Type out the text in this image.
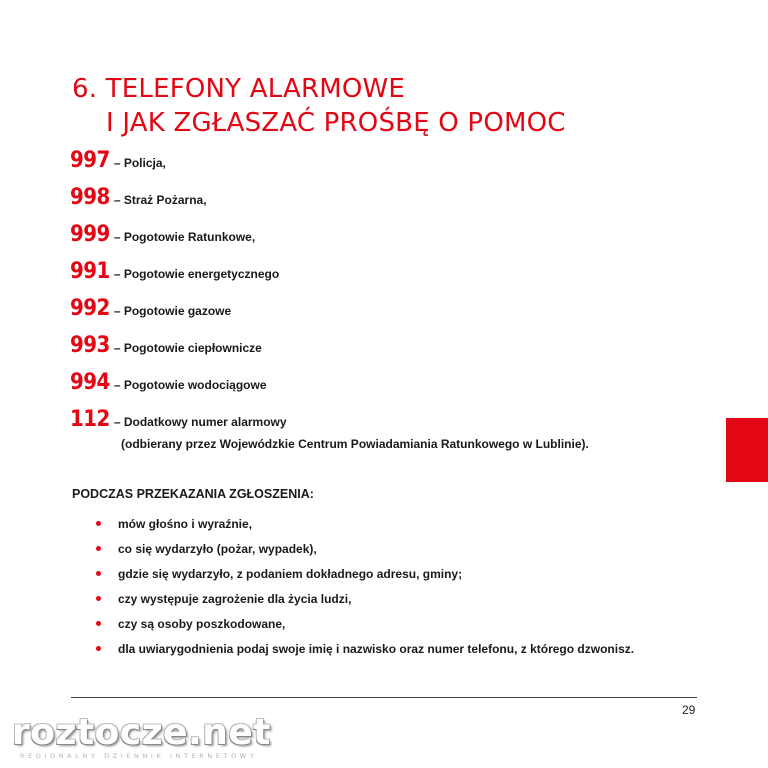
6. TELEFONY ALARMOWE
I JAK ZGŁASZAĆ PROŚBĘ O POMOC
997 – Policja,
998 – Straż Pożarna,
999 – Pogotowie Ratunkowe,
991 – Pogotowie energetycznego
992 – Pogotowie gazowe
993 – Pogotowie ciepłownicze
994 – Pogotowie wodociągowe
112 – Dodatkowy numer alarmowy
(odbierany przez Wojewódzkie Centrum Powiadamiania Ratunkowego w Lublinie).
PODCZAS PRZEKAZANIA ZGŁOSZENIA:
mów głośno i wyraźnie,
co się wydarzyło (pożar, wypadek),
gdzie się wydarzyło, z podaniem dokładnego adresu, gminy;
czy występuje zagrożenie dla życia ludzi,
czy są osoby poszkodowane,
dla uwiarygodnienia podaj swoje imię i nazwisko oraz numer telefonu, z którego dzwonisz.
29
roztocze.net
REGIONALNY DZIENNIK INTERNETOWY
